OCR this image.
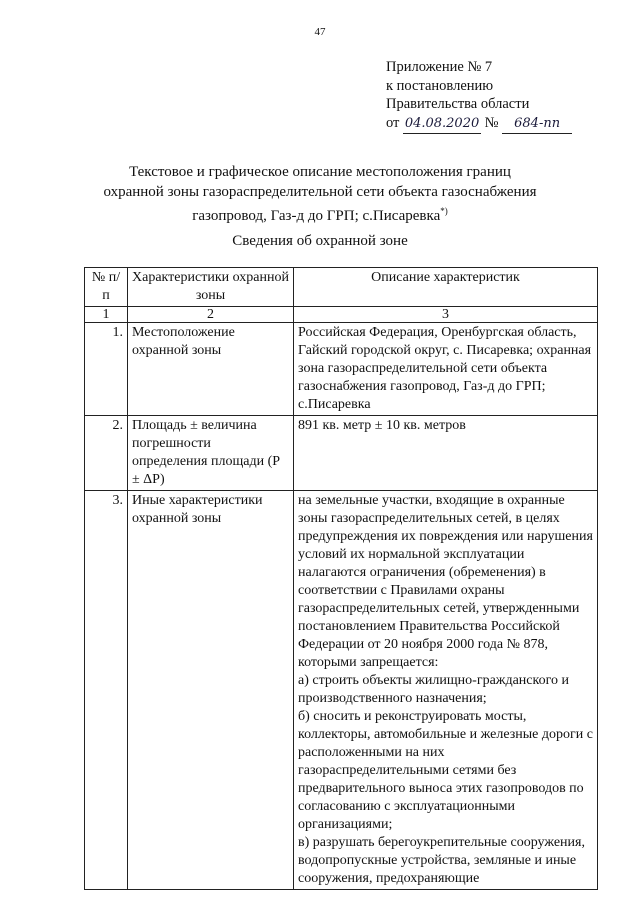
47
Приложение № 7
к постановлению
Правительства области
от 04.08.2020 № 684-пп
Текстовое и графическое описание местоположения границ
охранной зоны газораспределительной сети объекта газоснабжения
газопровод, Газ-д до ГРП; с.Писаревка*)
Сведения об охранной зоне
№ п/п	Характеристики охранной зоны	Описание характеристик
1	2	3
1.	Местоположение охранной зоны	Российская Федерация, Оренбургская область, Гайский городской округ, с. Писаревка; охранная зона газораспределительной сети объекта газоснабжения газопровод, Газ-д до ГРП; с.Писаревка
2.	Площадь ± величина погрешности определения площади (P ± ΔP)	891 кв. метр ± 10 кв. метров
3.	Иные характеристики охранной зоны	на земельные участки, входящие в охранные зоны газораспределительных сетей, в целях предупреждения их повреждения или нарушения условий их нормальной эксплуатации налагаются ограничения (обременения) в соответствии с Правилами охраны газораспределительных сетей, утвержденными постановлением Правительства Российской Федерации от 20 ноября 2000 года № 878, которыми запрещается:
а) строить объекты жилищно-гражданского и производственного назначения;
б) сносить и реконструировать мосты, коллекторы, автомобильные и железные дороги с расположенными на них газораспределительными сетями без предварительного выноса этих газопроводов по согласованию с эксплуатационными организациями;
в) разрушать берегоукрепительные сооружения, водопропускные устройства, земляные и иные сооружения, предохраняющие
